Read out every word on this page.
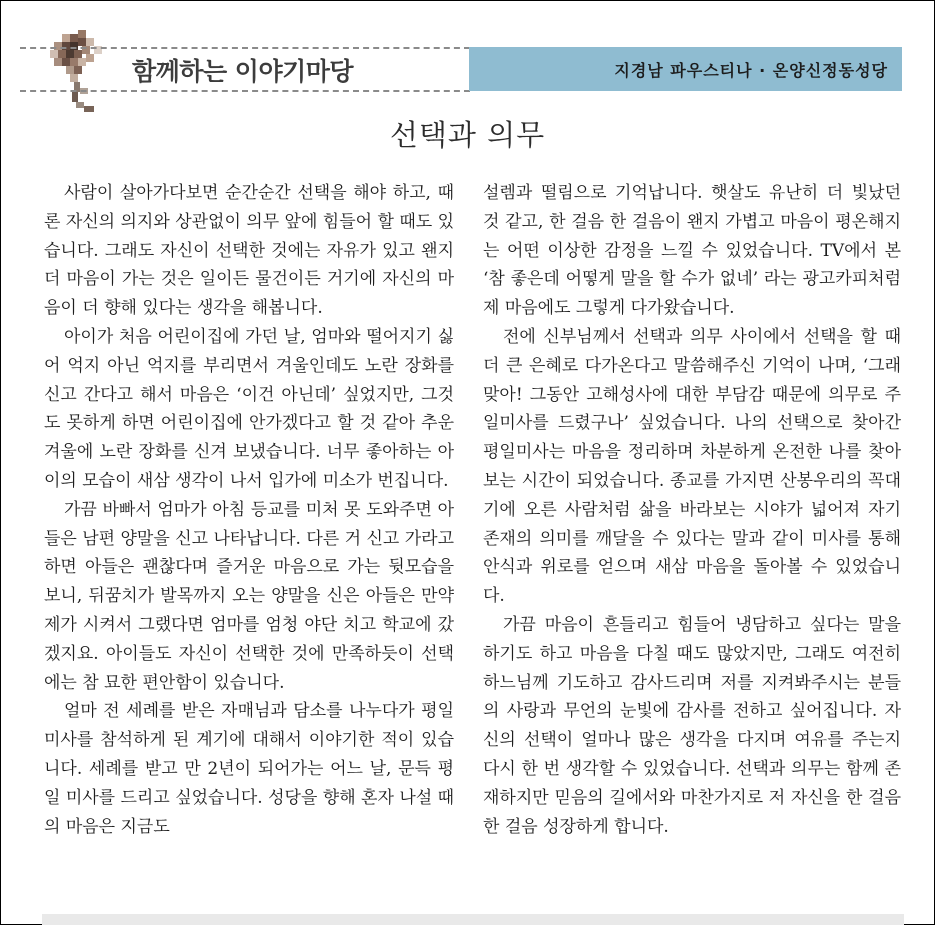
함께하는 이야기마당	지경남 파우스티나 · 온양신정동성당
선택과 의무

사람이 살아가다보면 순간순간 선택을 해야 하고, 때론 자신의 의지와 상관없이 의무 앞에 힘들어 할 때도 있습니다. 그래도 자신이 선택한 것에는 자유가 있고 왠지 더 마음이 가는 것은 일이든 물건이든 거기에 자신의 마음이 더 향해 있다는 생각을 해봅니다.

아이가 처음 어린이집에 가던 날, 엄마와 떨어지기 싫어 억지 아닌 억지를 부리면서 겨울인데도 노란 장화를 신고 간다고 해서 마음은 ‘이건 아닌데’ 싶었지만, 그것도 못하게 하면 어린이집에 안가겠다고 할 것 같아 추운 겨울에 노란 장화를 신겨 보냈습니다. 너무 좋아하는 아이의 모습이 새삼 생각이 나서 입가에 미소가 번집니다.

가끔 바빠서 엄마가 아침 등교를 미처 못 도와주면 아들은 남편 양말을 신고 나타납니다. 다른 거 신고 가라고 하면 아들은 괜찮다며 즐거운 마음으로 가는 뒷모습을 보니, 뒤꿈치가 발목까지 오는 양말을 신은 아들은 만약 제가 시켜서 그랬다면 엄마를 엄청 야단 치고 학교에 갔겠지요. 아이들도 자신이 선택한 것에 만족하듯이 선택에는 참 묘한 편안함이 있습니다.

얼마 전 세례를 받은 자매님과 담소를 나누다가 평일 미사를 참석하게 된 계기에 대해서 이야기한 적이 있습니다. 세례를 받고 만 2년이 되어가는 어느 날, 문득 평일 미사를 드리고 싶었습니다. 성당을 향해 혼자 나설 때의 마음은 지금도

설렘과 떨림으로 기억납니다. 햇살도 유난히 더 빛났던 것 같고, 한 걸음 한 걸음이 왠지 가볍고 마음이 평온해지는 어떤 이상한 감정을 느낄 수 있었습니다. TV에서 본 ‘참 좋은데 어떻게 말을 할 수가 없네’ 라는 광고카피처럼 제 마음에도 그렇게 다가왔습니다.

전에 신부님께서 선택과 의무 사이에서 선택을 할 때 더 큰 은혜로 다가온다고 말씀해주신 기억이 나며, ‘그래 맞아! 그동안 고해성사에 대한 부담감 때문에 의무로 주일미사를 드렸구나’ 싶었습니다. 나의 선택으로 찾아간 평일미사는 마음을 정리하며 차분하게 온전한 나를 찾아보는 시간이 되었습니다. 종교를 가지면 산봉우리의 꼭대기에 오른 사람처럼 삶을 바라보는 시야가 넓어져 자기 존재의 의미를 깨달을 수 있다는 말과 같이 미사를 통해 안식과 위로를 얻으며 새삼 마음을 돌아볼 수 있었습니다.

가끔 마음이 흔들리고 힘들어 냉담하고 싶다는 말을 하기도 하고 마음을 다칠 때도 많았지만, 그래도 여전히 하느님께 기도하고 감사드리며 저를 지켜봐주시는 분들의 사랑과 무언의 눈빛에 감사를 전하고 싶어집니다. 자신의 선택이 얼마나 많은 생각을 다지며 여유를 주는지 다시 한 번 생각할 수 있었습니다. 선택과 의무는 함께 존재하지만 믿음의 길에서와 마찬가지로 저 자신을 한 걸음 한 걸음 성장하게 합니다.
